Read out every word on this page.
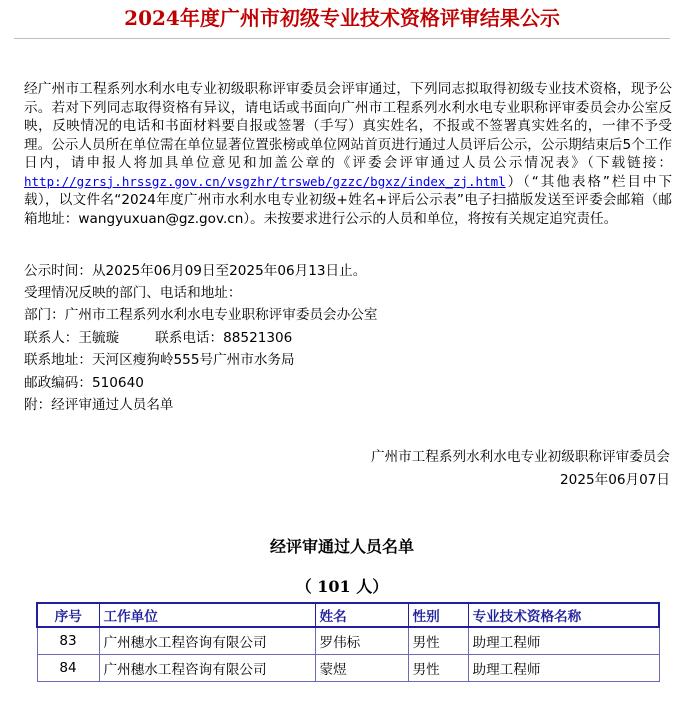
2024年度广州市初级专业技术资格评审结果公示

经广州市工程系列水利水电专业初级职称评审委员会评审通过，下列同志拟取得初级专业技术资格，现予公示。若对下列同志取得资格有异议，请电话或书面向广州市工程系列水利水电专业职称评审委员会办公室反映，反映情况的电话和书面材料要自报或签署（手写）真实姓名，不报或不签署真实姓名的，一律不予受理。公示人员所在单位需在单位显著位置张榜或单位网站首页进行通过人员评后公示，公示期结束后5个工作日内，请申报人将加具单位意见和加盖公章的《评委会评审通过人员公示情况表》（下载链接：http://gzrsj.hrssgz.gov.cn/vsgzhr/trsweb/gzzc/bgxz/index_zj.html）（“其他表格”栏目中下载），以文件名“2024年度广州市水利水电专业初级+姓名+评后公示表”电子扫描版发送至评委会邮箱（邮箱地址：wangyuxuan@gz.gov.cn）。未按要求进行公示的人员和单位，将按有关规定追究责任。

公示时间：从2025年06月09日至2025年06月13日止。
受理情况反映的部门、电话和地址：
部门：广州市工程系列水利水电专业职称评审委员会办公室
联系人：王毓璇	联系电话：88521306
联系地址：天河区瘦狗岭555号广州市水务局
邮政编码：510640
附：经评审通过人员名单
广州市工程系列水利水电专业初级职称评审委员会
2025年06月07日
经评审通过人员名单
（ 101 人）
序号	工作单位	姓名	性别	专业技术资格名称
83	广州穗水工程咨询有限公司	罗伟标	男性	助理工程师
84	广州穗水工程咨询有限公司	蒙煜	男性	助理工程师
